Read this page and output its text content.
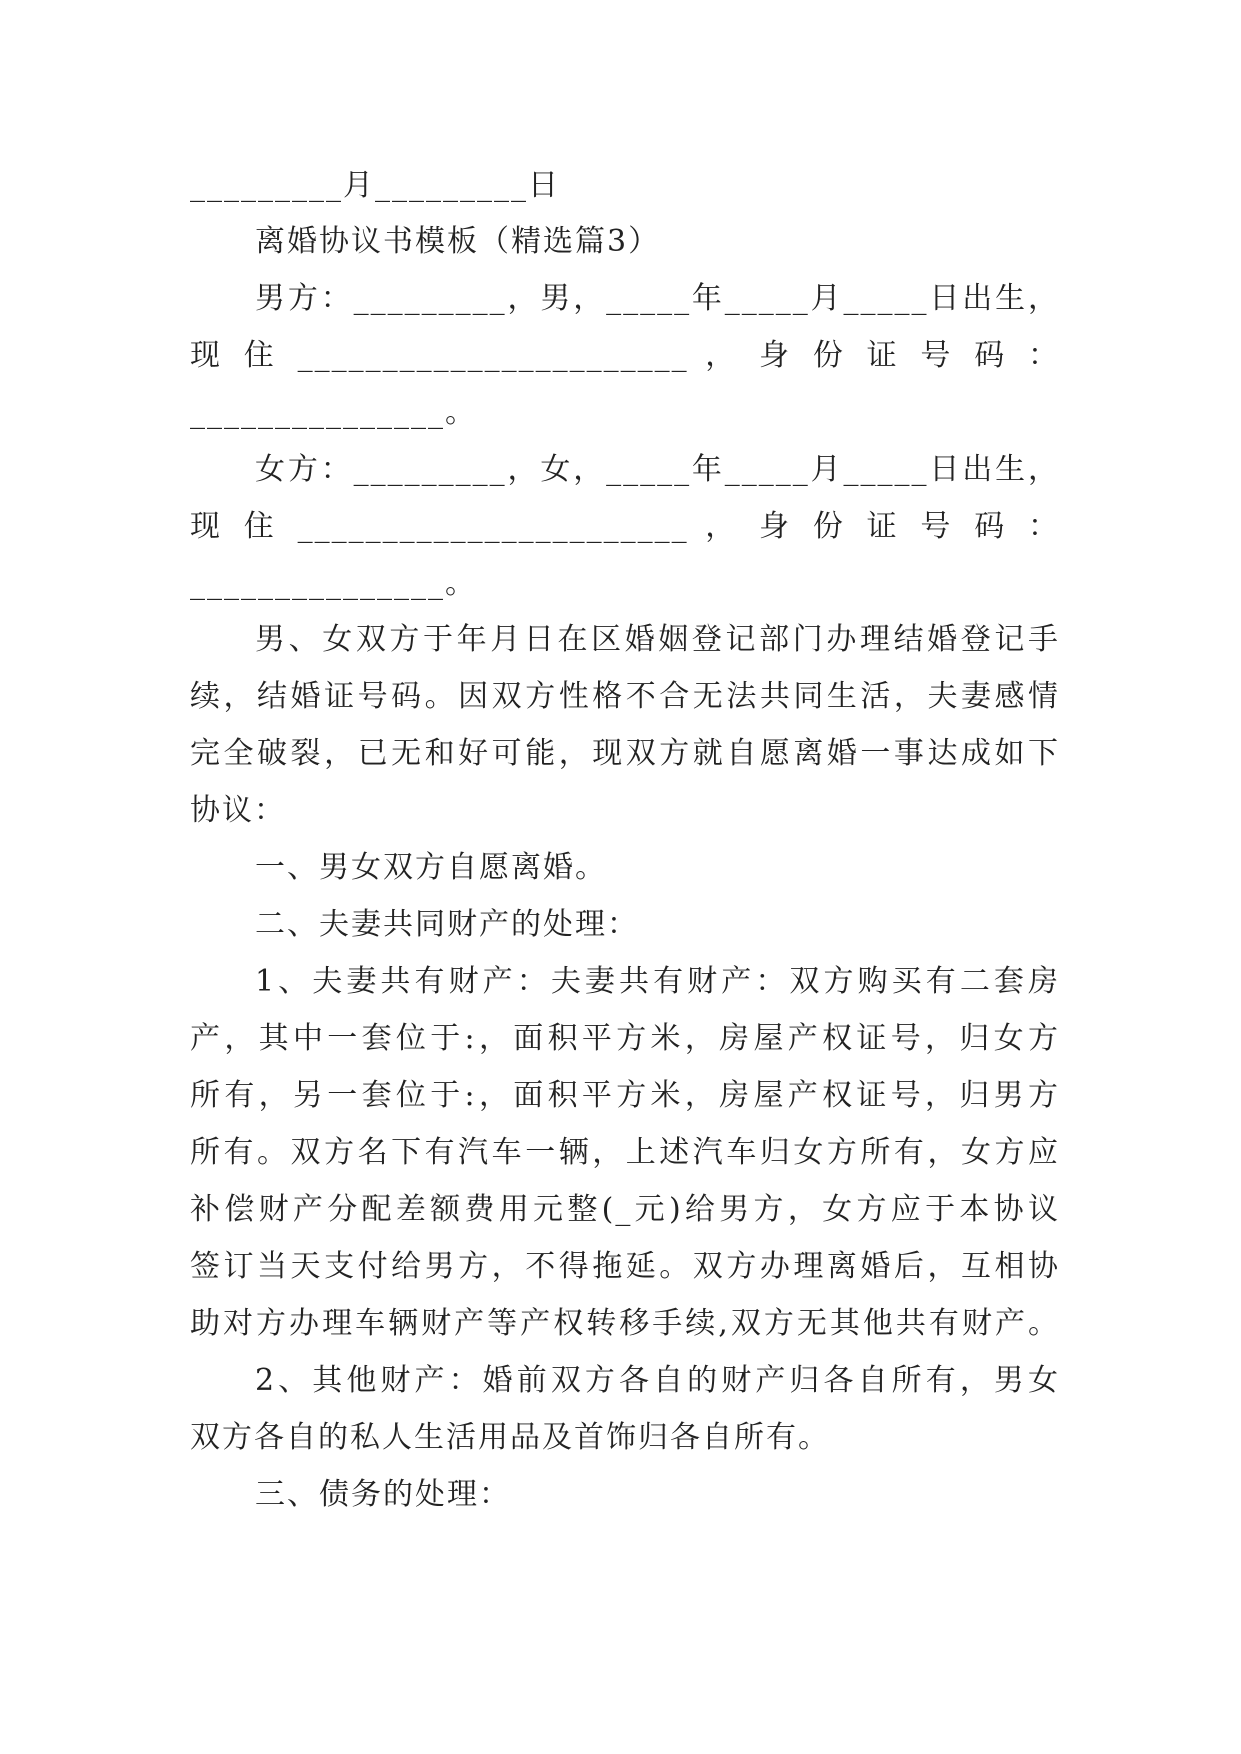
_________月_________日
离婚协议书模板（精选篇3）
男方：_________，男，_____年_____月_____日出生，
现 住 _______________________ ， 身 份 证 号 码 ：
_______________。
女方：_________，女，_____年_____月_____日出生，
现 住 _______________________ ， 身 份 证 号 码 ：
_______________。
男、女双方于年月日在区婚姻登记部门办理结婚登记手
续，结婚证号码。因双方性格不合无法共同生活，夫妻感情
完全破裂，已无和好可能，现双方就自愿离婚一事达成如下
协议：
一、男女双方自愿离婚。
二、夫妻共同财产的处理：
1、夫妻共有财产：夫妻共有财产：双方购买有二套房
产，其中一套位于:，面积平方米，房屋产权证号，归女方
所有，另一套位于:，面积平方米，房屋产权证号，归男方
所有。双方名下有汽车一辆，上述汽车归女方所有，女方应
补偿财产分配差额费用元整(_元)给男方，女方应于本协议
签订当天支付给男方，不得拖延。双方办理离婚后，互相协
助对方办理车辆财产等产权转移手续,双方无其他共有财产。
2、其他财产：婚前双方各自的财产归各自所有，男女
双方各自的私人生活用品及首饰归各自所有。
三、债务的处理：
